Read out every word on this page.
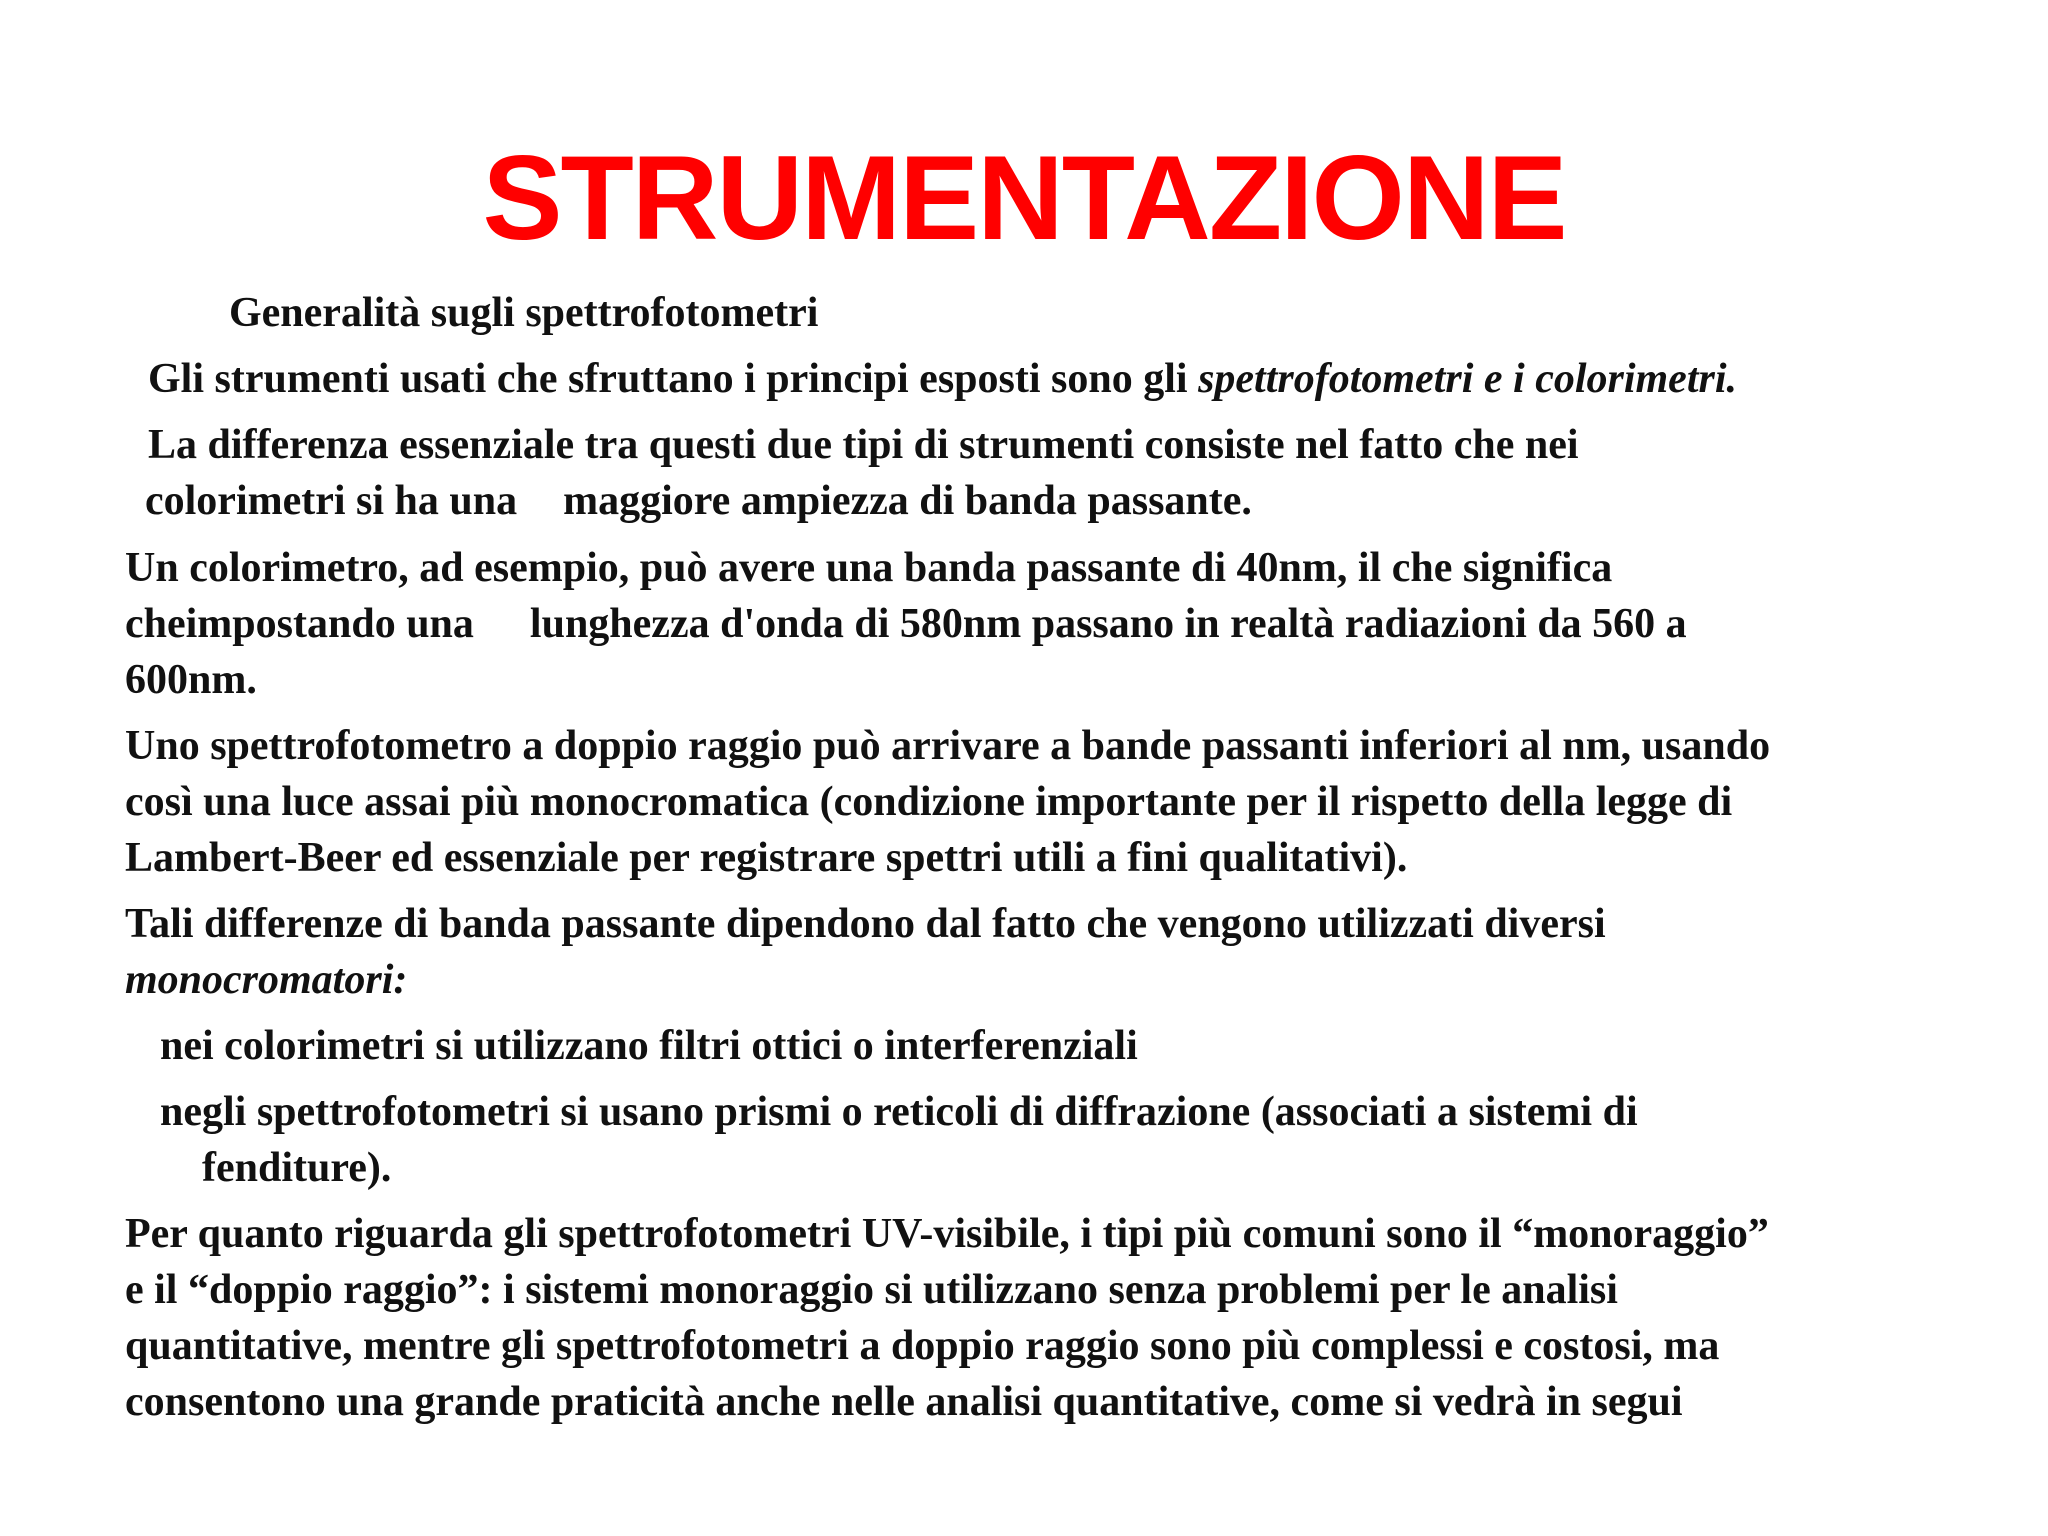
STRUMENTAZIONE

Generalità sugli spettrofotometri

Gli strumenti usati che sfruttano i principi esposti sono gli spettrofotometri e i colorimetri.

La differenza essenziale tra questi due tipi di strumenti consiste nel fatto che nei

colorimetri si ha una maggiore ampiezza di banda passante.

Un colorimetro, ad esempio, può avere una banda passante di 40nm, il che significa

cheimpostando una lunghezza d'onda di 580nm passano in realtà radiazioni da 560 a

600nm.

Uno spettrofotometro a doppio raggio può arrivare a bande passanti inferiori al nm, usando

così una luce assai più monocromatica (condizione importante per il rispetto della legge di

Lambert-Beer ed essenziale per registrare spettri utili a fini qualitativi).

Tali differenze di banda passante dipendono dal fatto che vengono utilizzati diversi

monocromatori:

nei colorimetri si utilizzano filtri ottici o interferenziali

negli spettrofotometri si usano prismi o reticoli di diffrazione (associati a sistemi di

fenditure).

Per quanto riguarda gli spettrofotometri UV-visibile, i tipi più comuni sono il “monoraggio”

e il “doppio raggio”: i sistemi monoraggio si utilizzano senza problemi per le analisi

quantitative, mentre gli spettrofotometri a doppio raggio sono più complessi e costosi, ma

consentono una grande praticità anche nelle analisi quantitative, come si vedrà in segui
